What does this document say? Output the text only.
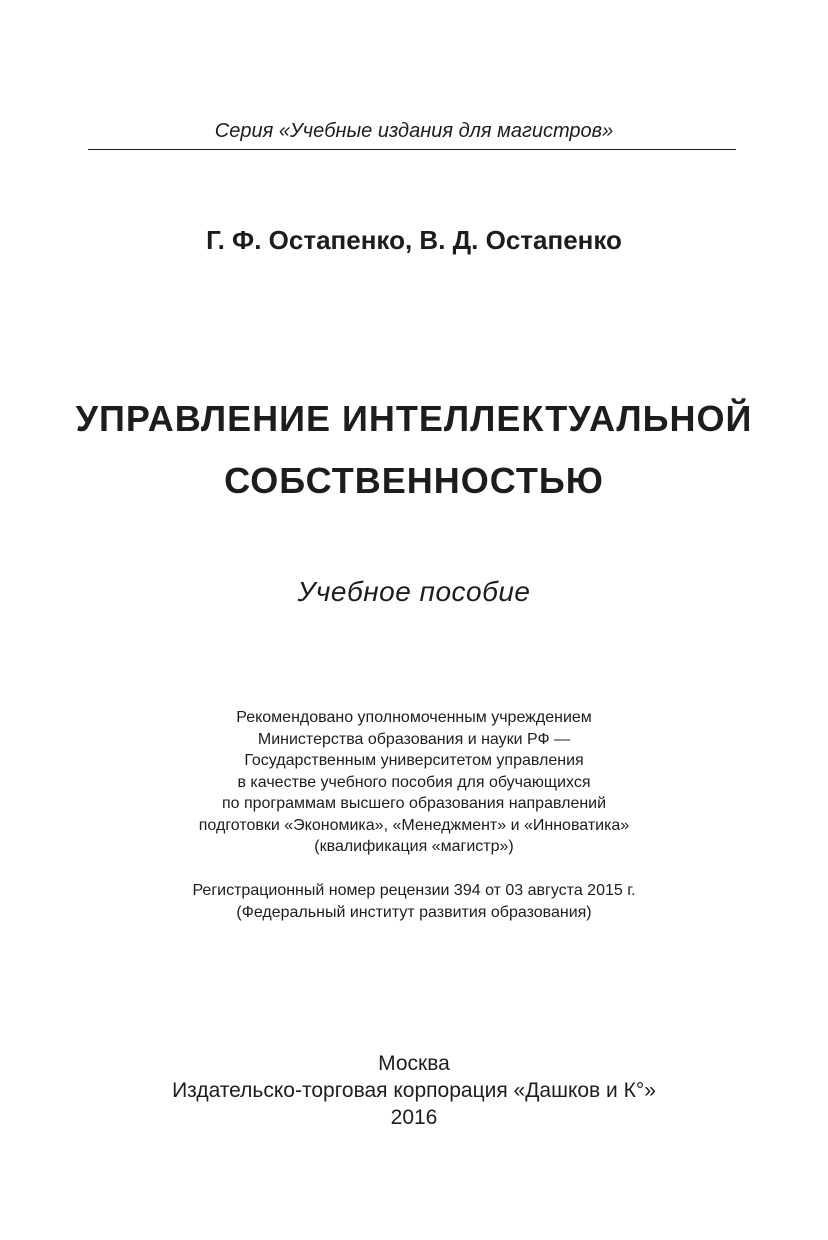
Серия «Учебные издания для магистров»
Г. Ф. Остапенко, В. Д. Остапенко
УПРАВЛЕНИЕ ИНТЕЛЛЕКТУАЛЬНОЙ
СОБСТВЕННОСТЬЮ
Учебное пособие
Рекомендовано уполномоченным учреждением
Министерства образования и науки РФ —
Государственным университетом управления
в качестве учебного пособия для обучающихся
по программам высшего образования направлений
подготовки «Экономика», «Менеджмент» и «Инноватика»
(квалификация «магистр»)
Регистрационный номер рецензии 394 от 03 августа 2015 г.
(Федеральный институт развития образования)
Москва
Издательско-торговая корпорация «Дашков и К°»
2016
